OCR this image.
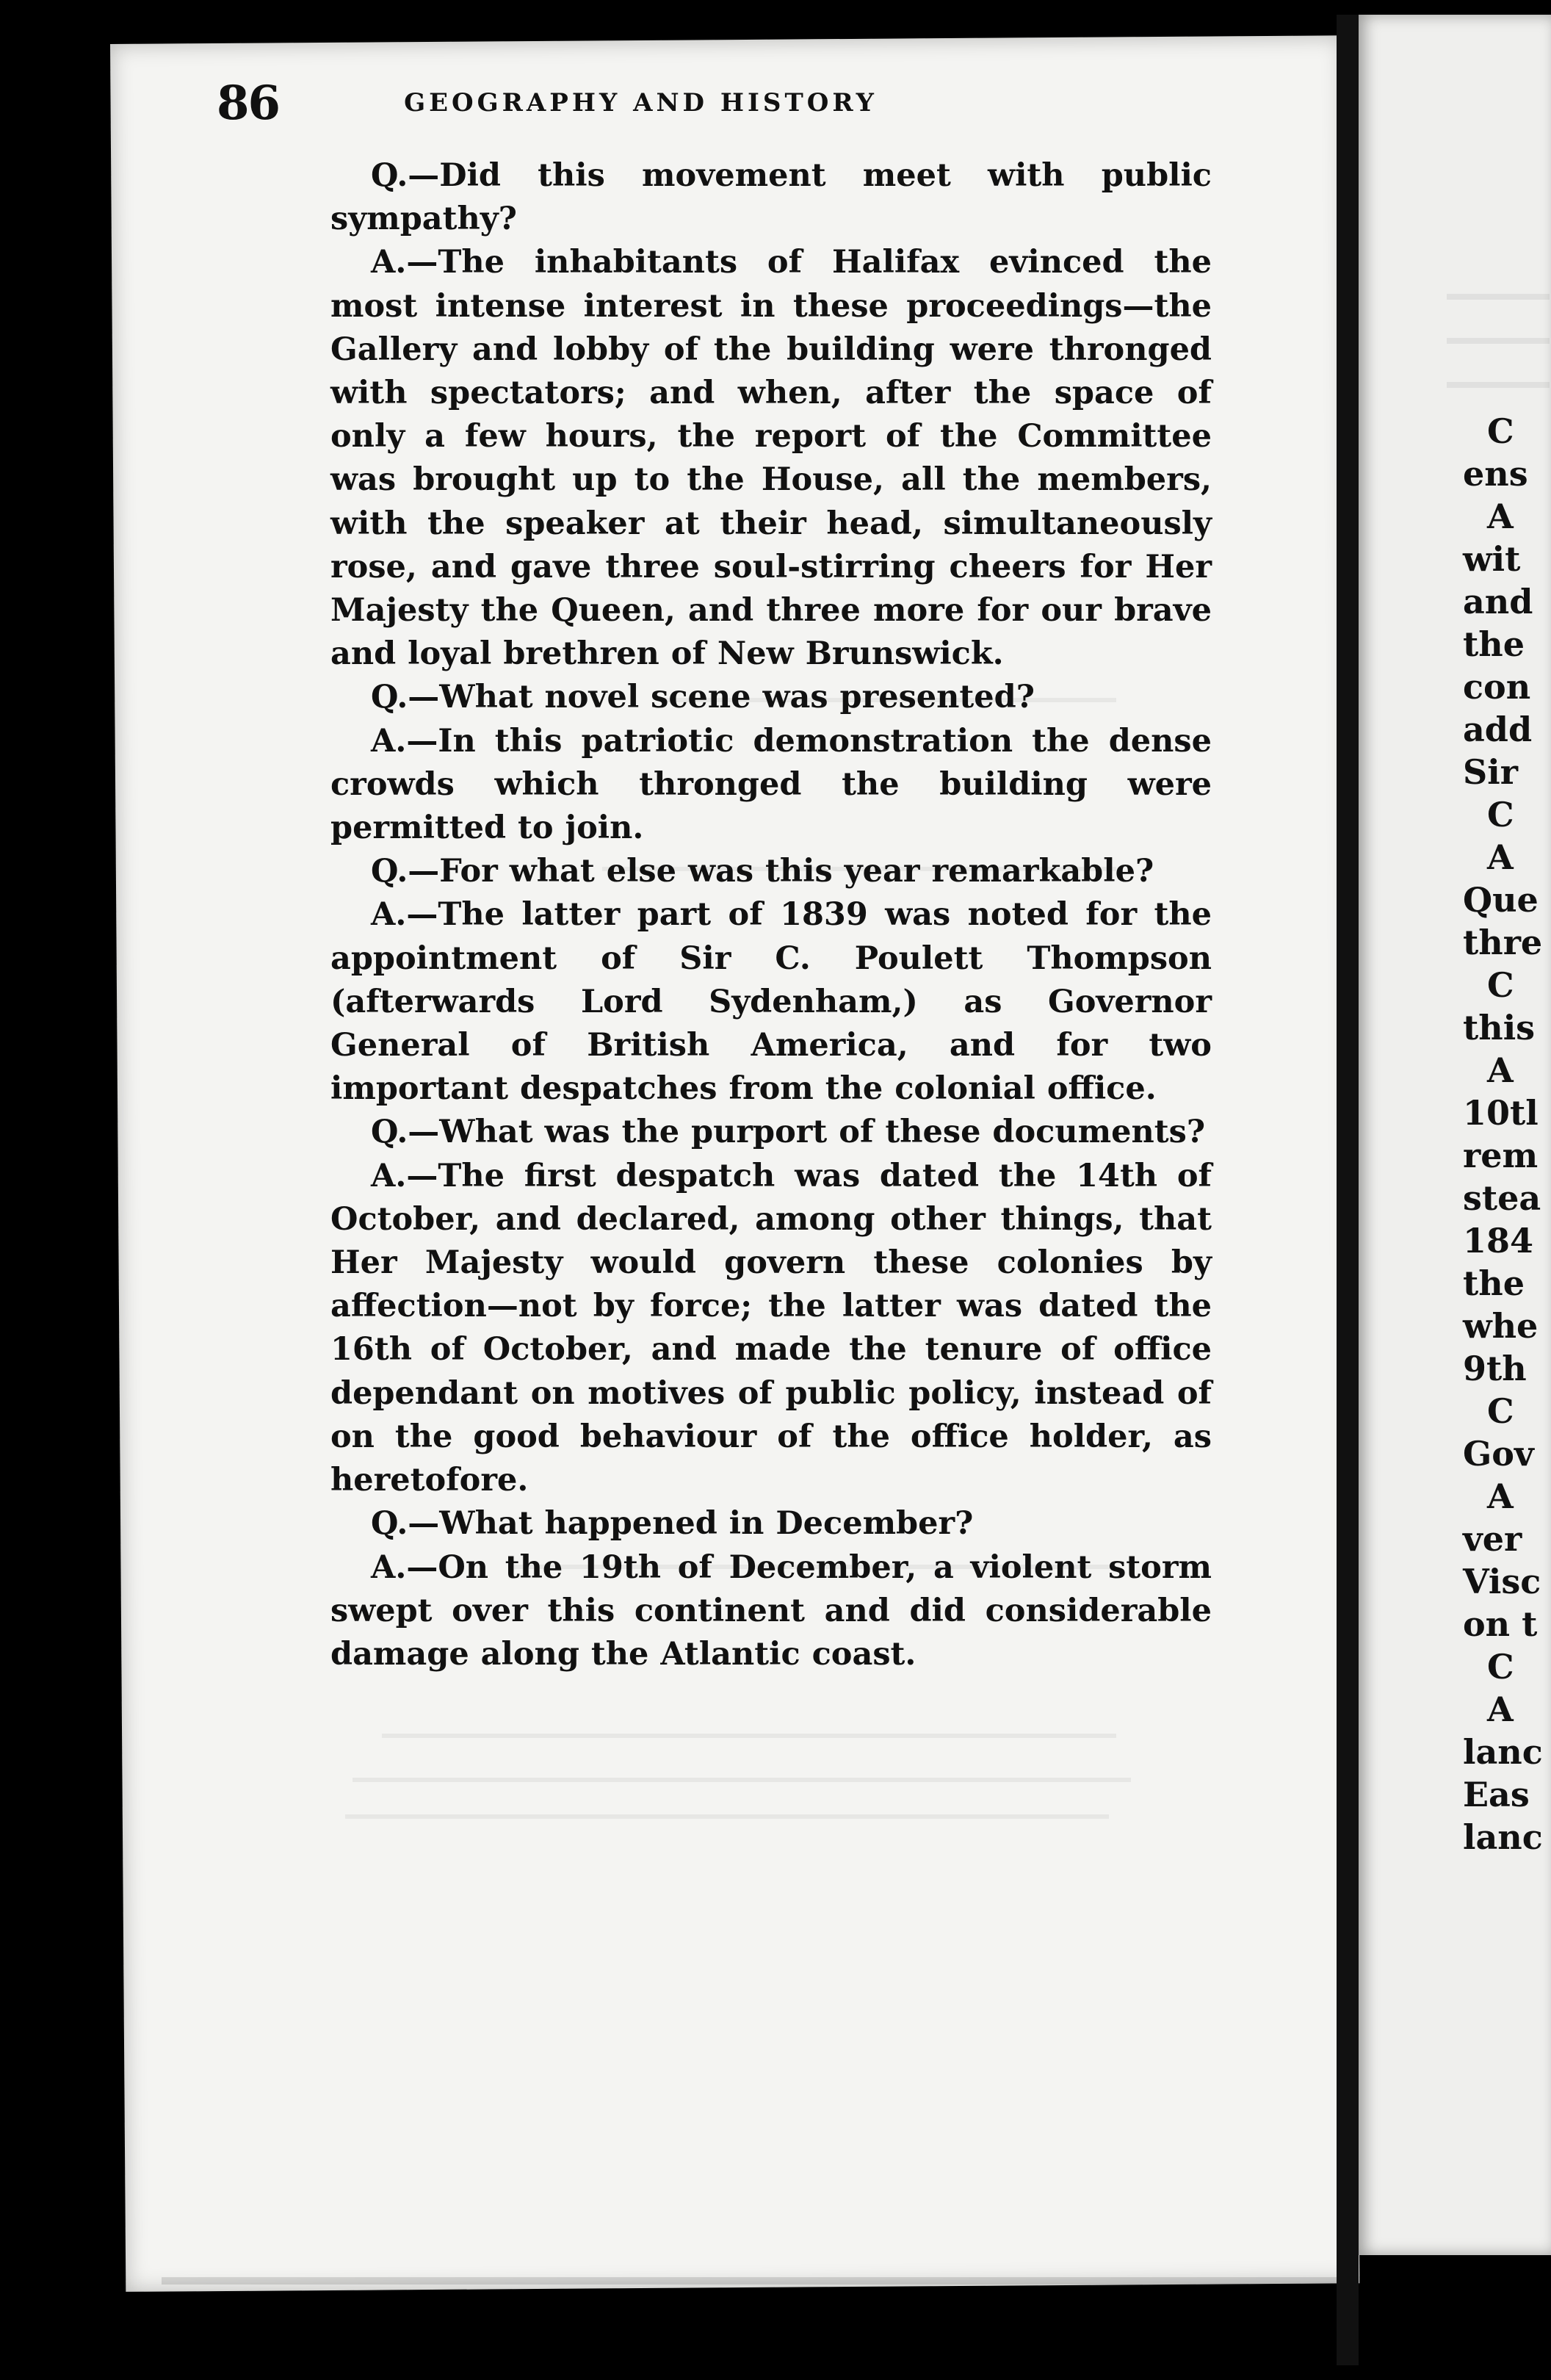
C
ens
A
wit
and
the
con
add
Sir
C
A
Que
thre
C
this
A
10tl
rem
stea
184
the
whe
9th
C
Gov
A
ver
Visc
on t
C
A
lanc
Eas
lanc
86	GEOGRAPHY AND HISTORY

Q.—Did this movement meet with public sympathy?

A.—The inhabitants of Halifax evinced the most intense interest in these proceedings—the Gallery and lobby of the building were thronged with spectators; and when, after the space of only a few hours, the report of the Committee was brought up to the House, all the members, with the speaker at their head, simultaneously rose, and gave three soul-stirring cheers for Her Majesty the Queen, and three more for our brave and loyal brethren of New Brunswick.

Q.—What novel scene was presented?

A.—In this patriotic demonstration the dense crowds which thronged the building were permitted to join.

Q.—For what else was this year remarkable?

A.—The latter part of 1839 was noted for the appointment of Sir C. Poulett Thompson (afterwards Lord Sydenham,) as Governor General of British America, and for two important despatches from the colonial office.

Q.—What was the purport of these documents?

A.—The first despatch was dated the 14th of October, and declared, among other things, that Her Majesty would govern these colonies by affection—not by force; the latter was dated the 16th of October, and made the tenure of office dependant on motives of public policy, instead of on the good behaviour of the office holder, as heretofore.

Q.—What happened in December?

A.—On the 19th of December, a violent storm swept over this continent and did considerable damage along the Atlantic coast.
